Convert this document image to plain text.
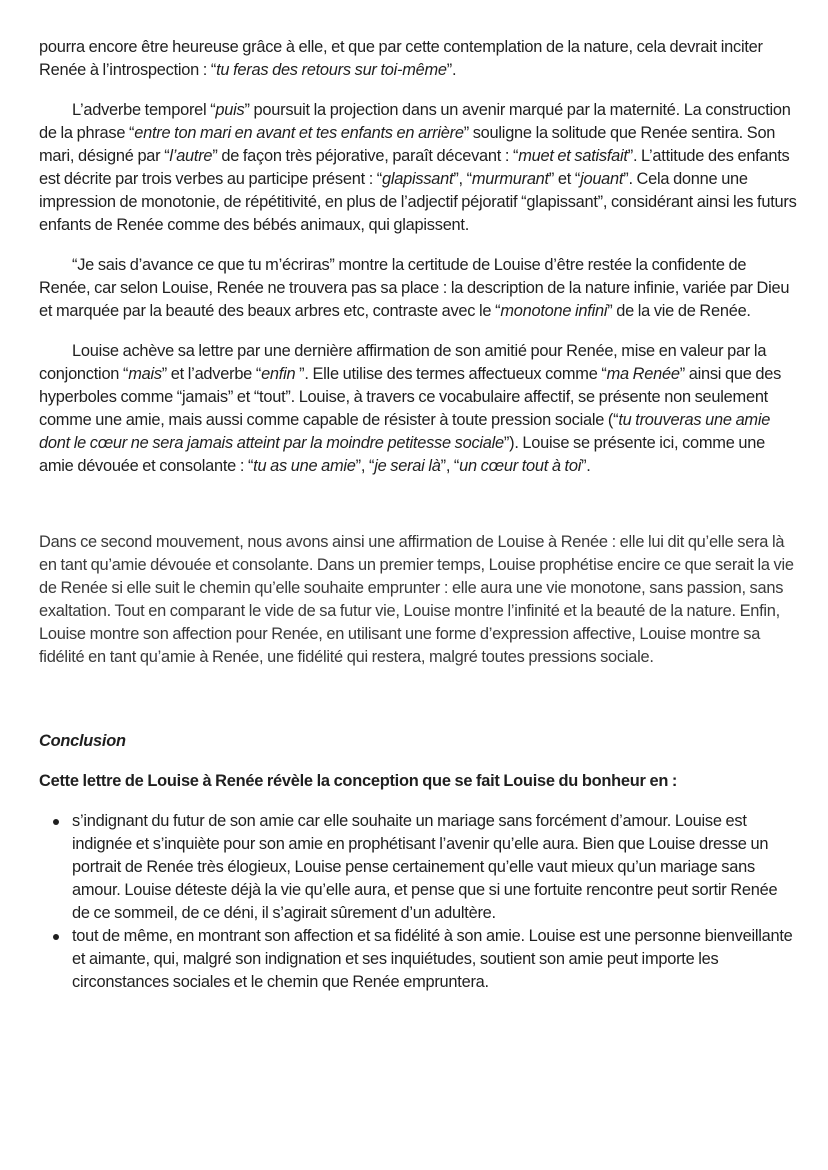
pourra encore être heureuse grâce à elle, et que par cette contemplation de la nature, cela devrait inciter Renée à l’introspection : “tu feras des retours sur toi-même”.

L’adverbe temporel “puis” poursuit la projection dans un avenir marqué par la maternité. La construction de la phrase “entre ton mari en avant et tes enfants en arrière” souligne la solitude que Renée sentira. Son mari, désigné par “l’autre” de façon très péjorative, paraît décevant : “muet et satisfait”. L’attitude des enfants est décrite par trois verbes au participe présent : “glapissant”, “murmurant” et “jouant”. Cela donne une impression de monotonie, de répétitivité, en plus de l’adjectif péjoratif “glapissant”, considérant ainsi les futurs enfants de Renée comme des bébés animaux, qui glapissent.

“Je sais d’avance ce que tu m’écriras” montre la certitude de Louise d’être restée la confidente de Renée, car selon Louise, Renée ne trouvera pas sa place : la description de la nature infinie, variée par Dieu et marquée par la beauté des beaux arbres etc, contraste avec le “monotone infini” de la vie de Renée.

Louise achève sa lettre par une dernière affirmation de son amitié pour Renée, mise en valeur par la conjonction “mais” et l’adverbe “enfin ”. Elle utilise des termes affectueux comme “ma Renée” ainsi que des hyperboles comme “jamais” et “tout”. Louise, à travers ce vocabulaire affectif, se présente non seulement comme une amie, mais aussi comme capable de résister à toute pression sociale (“tu trouveras une amie dont le cœur ne sera jamais atteint par la moindre petitesse sociale”). Louise se présente ici, comme une amie dévouée et consolante : “tu as une amie”, “je serai là”, “un cœur tout à toi”.

Dans ce second mouvement, nous avons ainsi une affirmation de Louise à Renée : elle lui dit qu’elle sera là en tant qu’amie dévouée et consolante. Dans un premier temps, Louise prophétise encire ce que serait la vie de Renée si elle suit le chemin qu’elle souhaite emprunter : elle aura une vie monotone, sans passion, sans exaltation. Tout en comparant le vide de sa futur vie, Louise montre l’infinité et la beauté de la nature. Enfin, Louise montre son affection pour Renée, en utilisant une forme d’expression affective, Louise montre sa fidélité en tant qu’amie à Renée, une fidélité qui restera, malgré toutes pressions sociale.

Conclusion

Cette lettre de Louise à Renée révèle la conception que se fait Louise du bonheur en :

s’indignant du futur de son amie car elle souhaite un mariage sans forcément d’amour. Louise est indignée et s’inquiète pour son amie en prophétisant l’avenir qu’elle aura. Bien que Louise dresse un portrait de Renée très élogieux, Louise pense certainement qu’elle vaut mieux qu’un mariage sans amour. Louise déteste déjà la vie qu’elle aura, et pense que si une fortuite rencontre peut sortir Renée de ce sommeil, de ce déni, il s’agirait sûrement d’un adultère.
tout de même, en montrant son affection et sa fidélité à son amie. Louise est une personne bienveillante et aimante, qui, malgré son indignation et ses inquiétudes, soutient son amie peut importe les circonstances sociales et le chemin que Renée empruntera.
